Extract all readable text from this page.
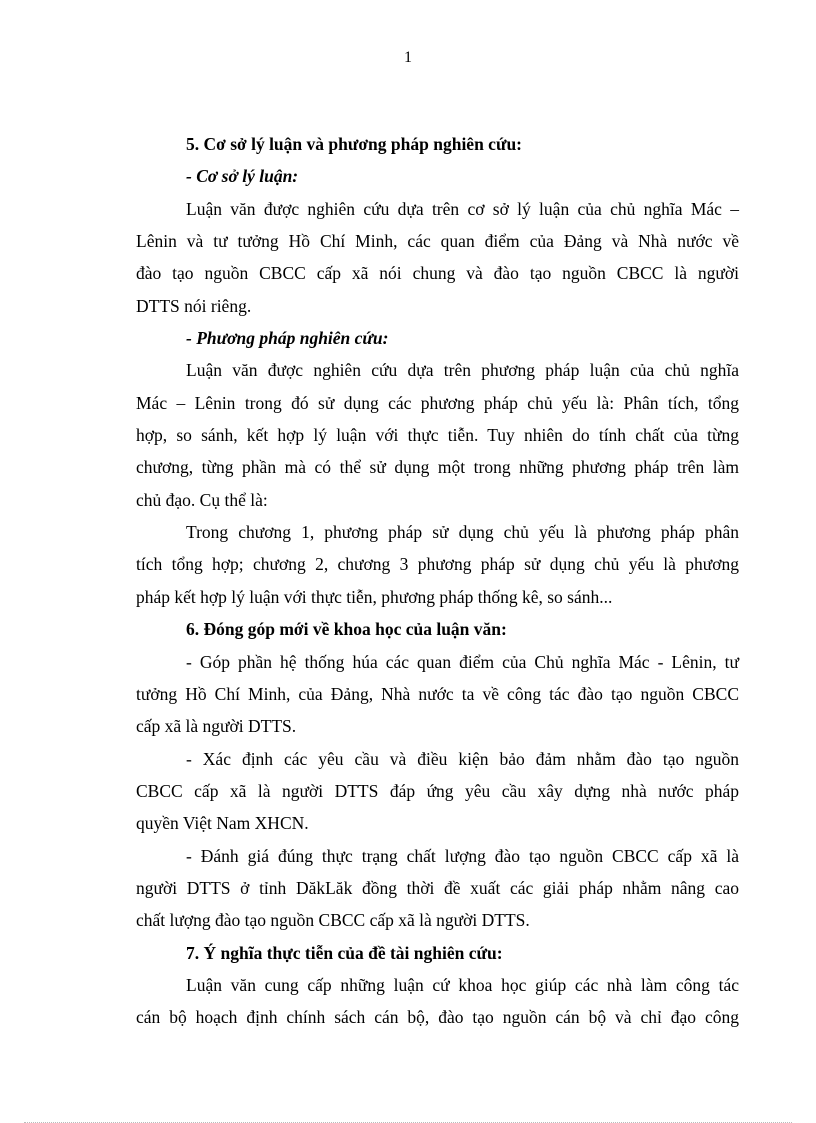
1
5. Cơ sở lý luận và phương pháp nghiên cứu:
- Cơ sở lý luận:
Luận văn được nghiên cứu dựa trên cơ sở lý luận của chủ nghĩa Mác –
Lênin và tư tưởng Hồ Chí Minh, các quan điểm của Đảng và Nhà nước về
đào tạo nguồn CBCC cấp xã nói chung và đào tạo nguồn CBCC là người
DTTS nói riêng.
- Phương pháp nghiên cứu:
Luận văn được nghiên cứu dựa trên phương pháp luận của chủ nghĩa
Mác – Lênin trong đó sử dụng các phương pháp chủ yếu là: Phân tích, tổng
hợp, so sánh, kết hợp lý luận với thực tiễn. Tuy nhiên do tính chất của từng
chương, từng phần mà có thể sử dụng một trong những phương pháp trên làm
chủ đạo. Cụ thể là:
Trong chương 1, phương pháp sử dụng chủ yếu là phương pháp phân
tích tổng hợp; chương 2, chương 3 phương pháp sử dụng chủ yếu là phương
pháp kết hợp lý luận với thực tiễn, phương pháp thống kê, so sánh...
6. Đóng góp mới về khoa học của luận văn:
- Góp phần hệ thống húa các quan điểm của Chủ nghĩa Mác - Lênin, tư
tưởng Hồ Chí Minh, của Đảng, Nhà nước ta về công tác đào tạo nguồn CBCC
cấp xã là người DTTS.
- Xác định các yêu cầu và điều kiện bảo đảm nhằm đào tạo nguồn
CBCC cấp xã là người DTTS đáp ứng yêu cầu xây dựng nhà nước pháp
quyền Việt Nam XHCN.
- Đánh giá đúng thực trạng chất lượng đào tạo nguồn CBCC cấp xã là
người DTTS ở tỉnh DăkLăk đồng thời đề xuất các giải pháp nhằm nâng cao
chất lượng đào tạo nguồn CBCC cấp xã là người DTTS.
7. Ý nghĩa thực tiễn của đề tài nghiên cứu:
Luận văn cung cấp những luận cứ khoa học giúp các nhà làm công tác
cán bộ hoạch định chính sách cán bộ, đào tạo nguồn cán bộ và chỉ đạo công
